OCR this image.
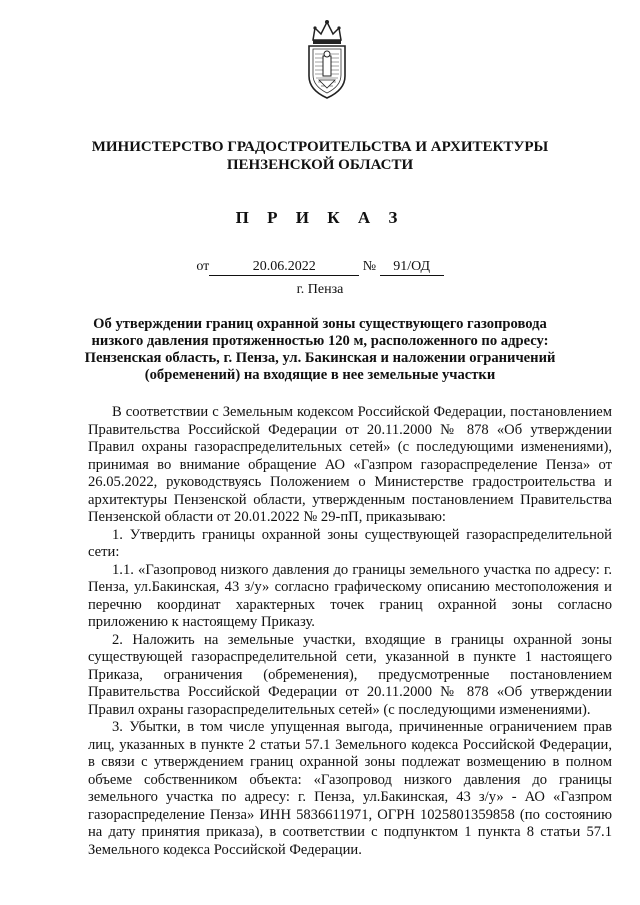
МИНИСТЕРСТВО ГРАДОСТРОИТЕЛЬСТВА И АРХИТЕКТУРЫ
ПЕНЗЕНСКОЙ ОБЛАСТИ
П Р И К А З
от	20.06.2022	№ 91/ОД
г. Пенза
Об утверждении границ охранной зоны существующего газопровода низкого давления протяженностью 120 м, расположенного по адресу: Пензенская область, г. Пенза, ул. Бакинская и наложении ограничений (обременений) на входящие в нее земельные участки

В соответствии с Земельным кодексом Российской Федерации, постановлением Правительства Российской Федерации от 20.11.2000 № 878 «Об утверждении Правил охраны газораспределительных сетей» (с последующими изменениями), принимая во внимание обращение АО «Газпром газораспределение Пенза» от 26.05.2022, руководствуясь Положением о Министерстве градостроительства и архитектуры Пензенской области, утвержденным постановлением Правительства Пензенской области от 20.01.2022 № 29-пП, приказываю:

1. Утвердить границы охранной зоны существующей газораспределительной сети:

1.1. «Газопровод низкого давления до границы земельного участка по адресу: г. Пенза, ул.Бакинская, 43 з/у» согласно графическому описанию местоположения и перечню координат характерных точек границ охранной зоны согласно приложению к настоящему Приказу.

2. Наложить на земельные участки, входящие в границы охранной зоны существующей газораспределительной сети, указанной в пункте 1 настоящего Приказа, ограничения (обременения), предусмотренные постановлением Правительства Российской Федерации от 20.11.2000 № 878 «Об утверждении Правил охраны газораспределительных сетей» (с последующими изменениями).

3. Убытки, в том числе упущенная выгода, причиненные ограничением прав лиц, указанных в пункте 2 статьи 57.1 Земельного кодекса Российской Федерации, в связи с утверждением границ охранной зоны подлежат возмещению в полном объеме собственником объекта: «Газопровод низкого давления до границы земельного участка по адресу: г. Пенза, ул.Бакинская, 43 з/у» - АО «Газпром газораспределение Пенза» ИНН 5836611971, ОГРН 1025801359858 (по состоянию на дату принятия приказа), в соответствии с подпунктом 1 пункта 8 статьи 57.1 Земельного кодекса Российской Федерации.
